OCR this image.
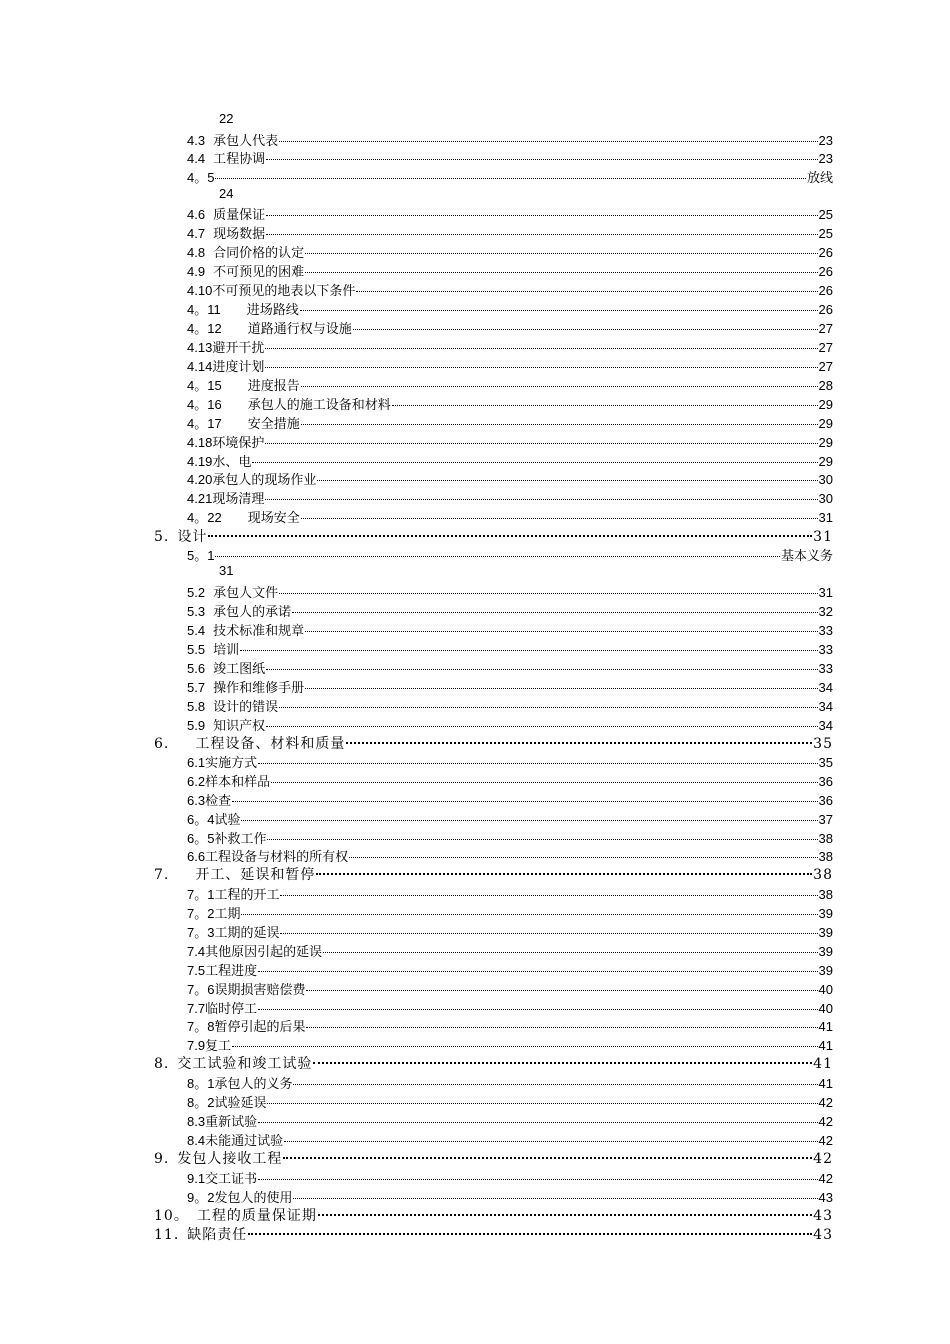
22
4.3 承包人代表	23
4.4 工程协调	23
4。5	放线
24
4.6 质量保证	25
4.7 现场数据	25
4.8 合同价格的认定	26
4.9 不可预见的困难	26
4.10 不可预见的地表以下条件	26
4。11 进场路线	26
4。12 道路通行权与设施	27
4.13 避开干扰	27
4.14 进度计划	27
4。15 进度报告	28
4。16 承包人的施工设备和材料	29
4。17 安全措施	29
4.18 环境保护	29
4.19 水、电	29
4.20 承包人的现场作业	30
4.21 现场清理	30
4。22 现场安全	31
5. 设计	31
5。1	基本义务
31
5.2 承包人文件	31
5.3 承包人的承诺	32
5.4 技术标准和规章	33
5.5 培训	33
5.6 竣工图纸	33
5.7 操作和维修手册	34
5.8 设计的错误	34
5.9 知识产权	34
6. 工程设备、材料和质量	35
6.1 实施方式	35
6.2 样本和样品	36
6.3 检查	36
6。4 试验	37
6。5 补救工作	38
6.6 工程设备与材料的所有权	38
7. 开工、延误和暂停	38
7。1 工程的开工	38
7。2 工期	39
7。3 工期的延误	39
7.4 其他原因引起的延误	39
7.5 工程进度	39
7。6 误期损害赔偿费	40
7.7 临时停工	40
7。8 暂停引起的后果	41
7.9 复工	41
8. 交工试验和竣工试验	41
8。1 承包人的义务	41
8。2 试验延误	42
8.3 重新试验	42
8.4 未能通过试验	42
9. 发包人接收工程	42
9.1 交工证书	42
9。2 发包人的使用	43
10。 工程的质量保证期	43
11. 缺陷责任	43
